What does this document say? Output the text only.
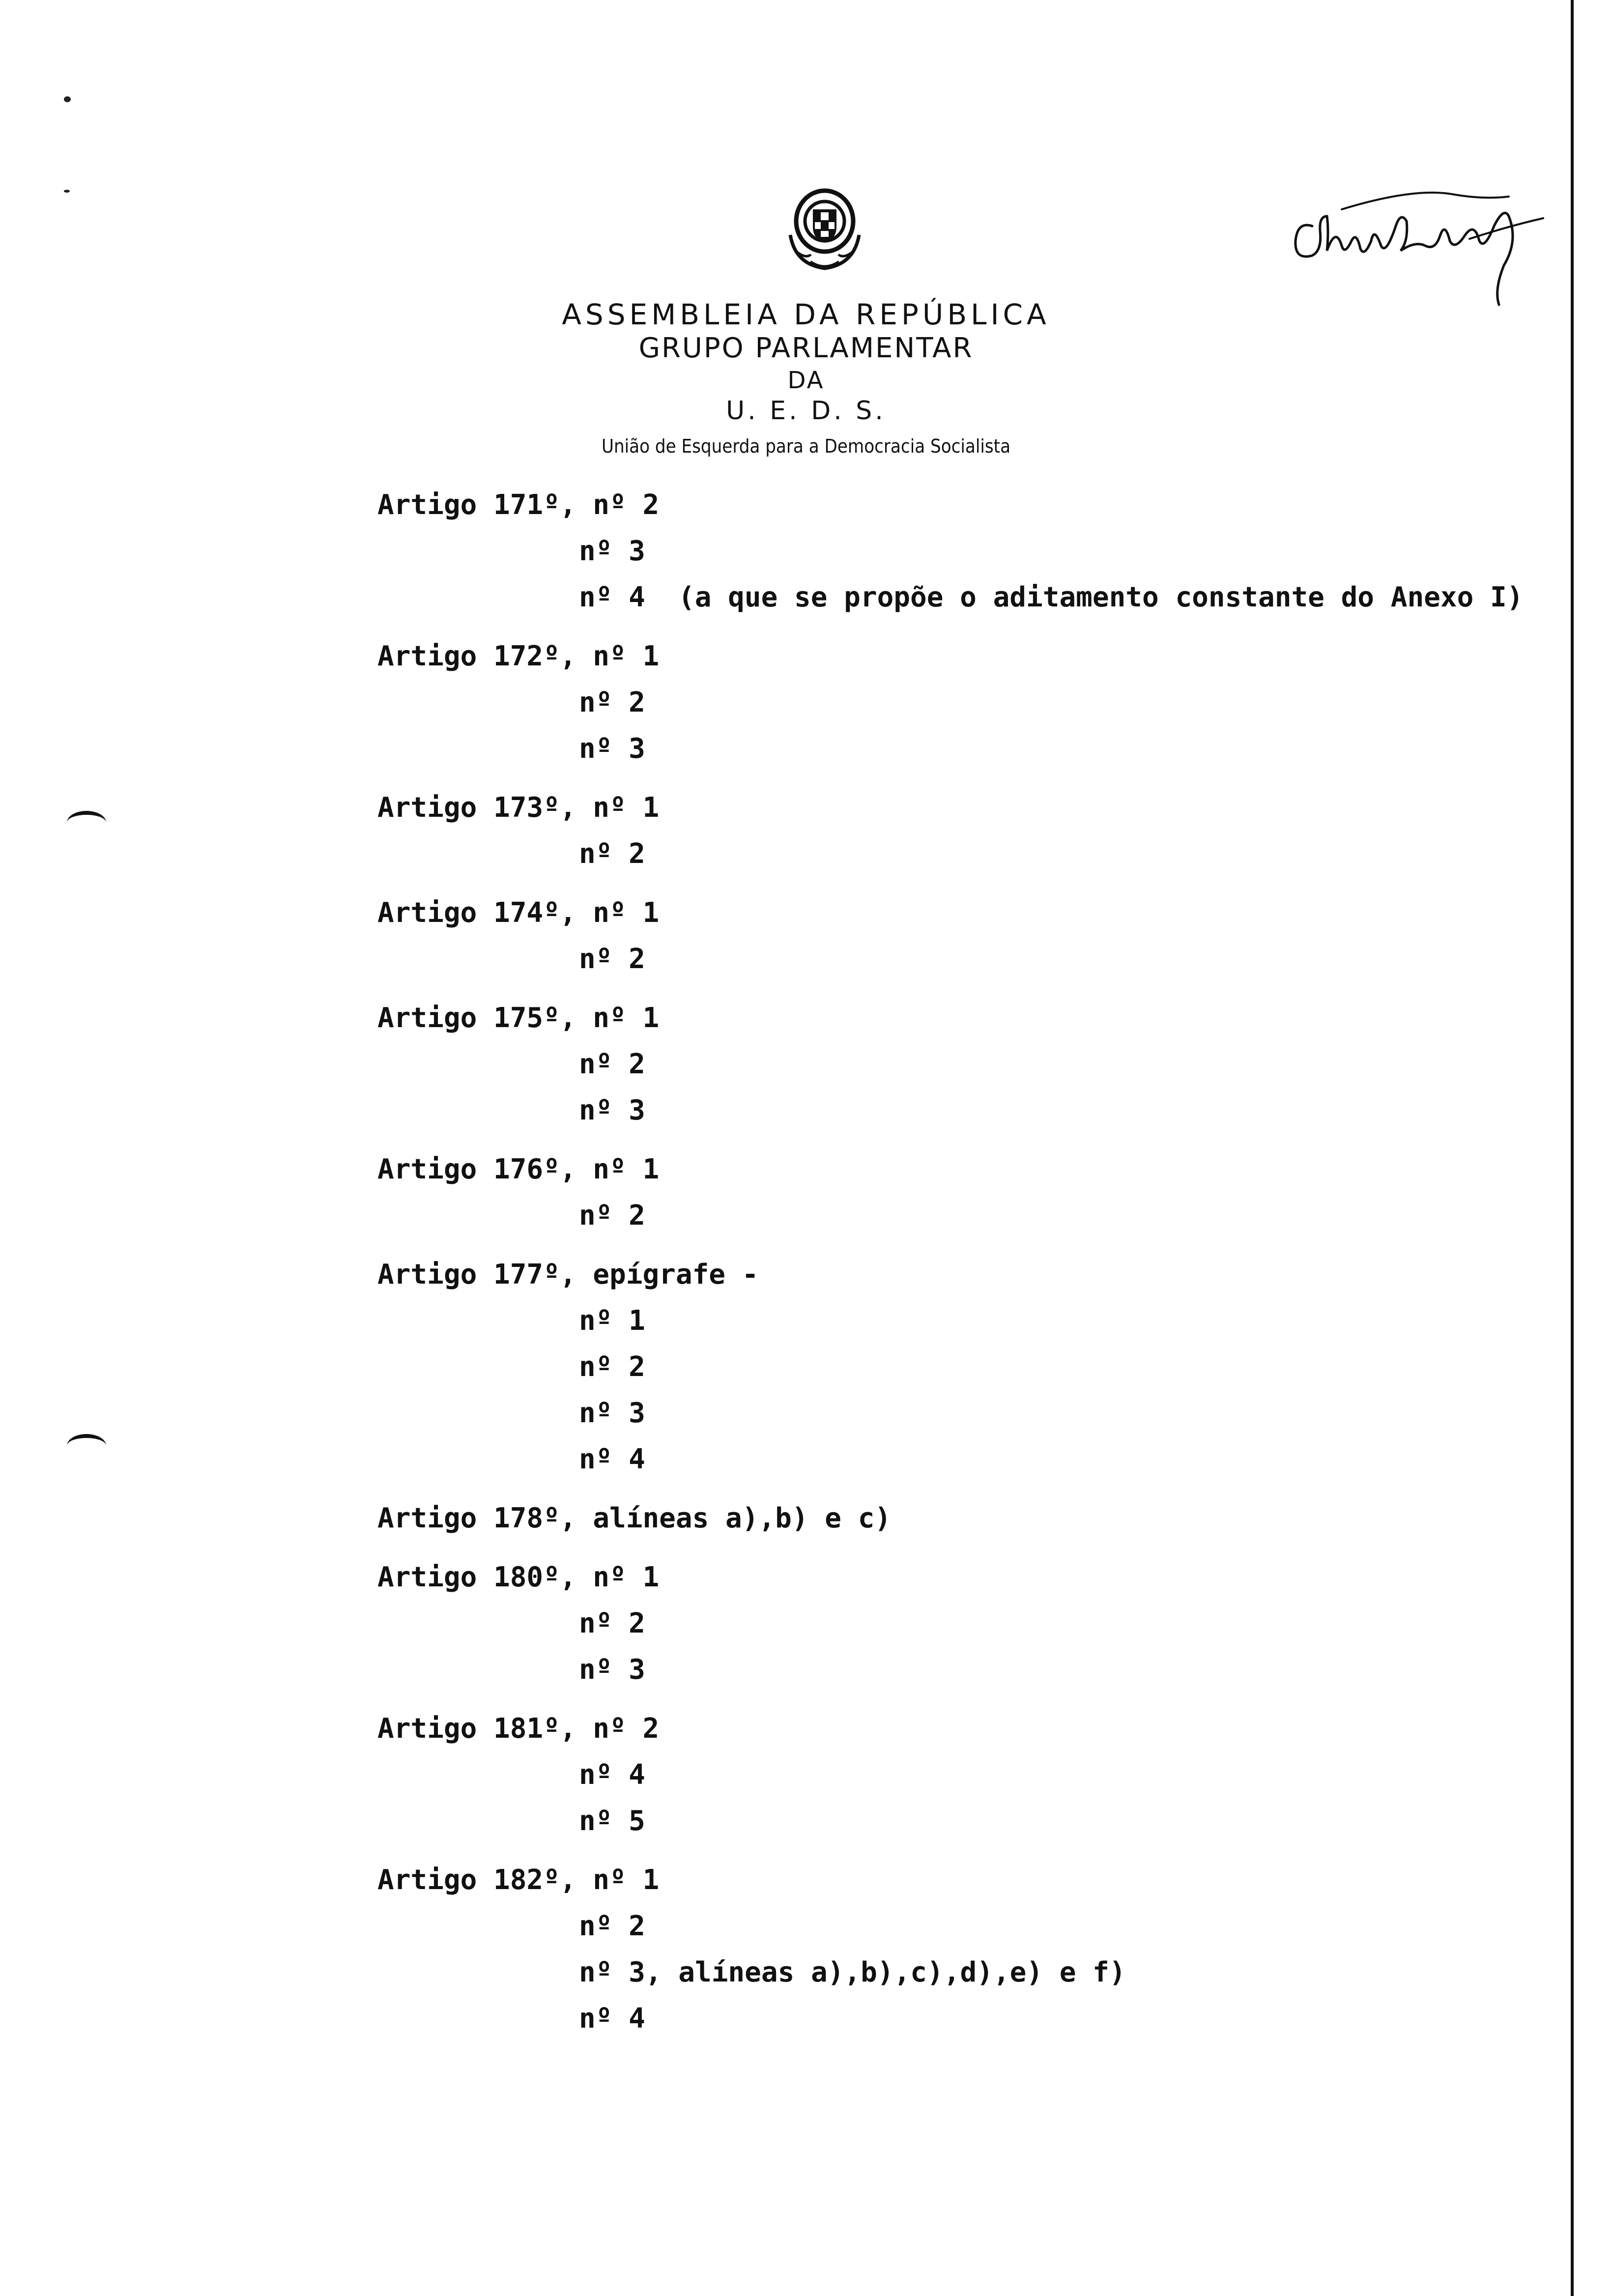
ASSEMBLEIA DA REPÚBLICA
GRUPO PARLAMENTAR
DA
U. E. D. S.
União de Esquerda para a Democracia Socialista
Artigo 171º, nº 2
nº 3
nº 4 (a que se propõe o aditamento constante do Anexo I)
Artigo 172º, nº 1
nº 2
nº 3
Artigo 173º, nº 1
nº 2
Artigo 174º, nº 1
nº 2
Artigo 175º, nº 1
nº 2
nº 3
Artigo 176º, nº 1
nº 2
Artigo 177º, epígrafe -
nº 1
nº 2
nº 3
nº 4
Artigo 178º, alíneas a),b) e c)
Artigo 180º, nº 1
nº 2
nº 3
Artigo 181º, nº 2
nº 4
nº 5
Artigo 182º, nº 1
nº 2
nº 3, alíneas a),b),c),d),e) e f)
nº 4
